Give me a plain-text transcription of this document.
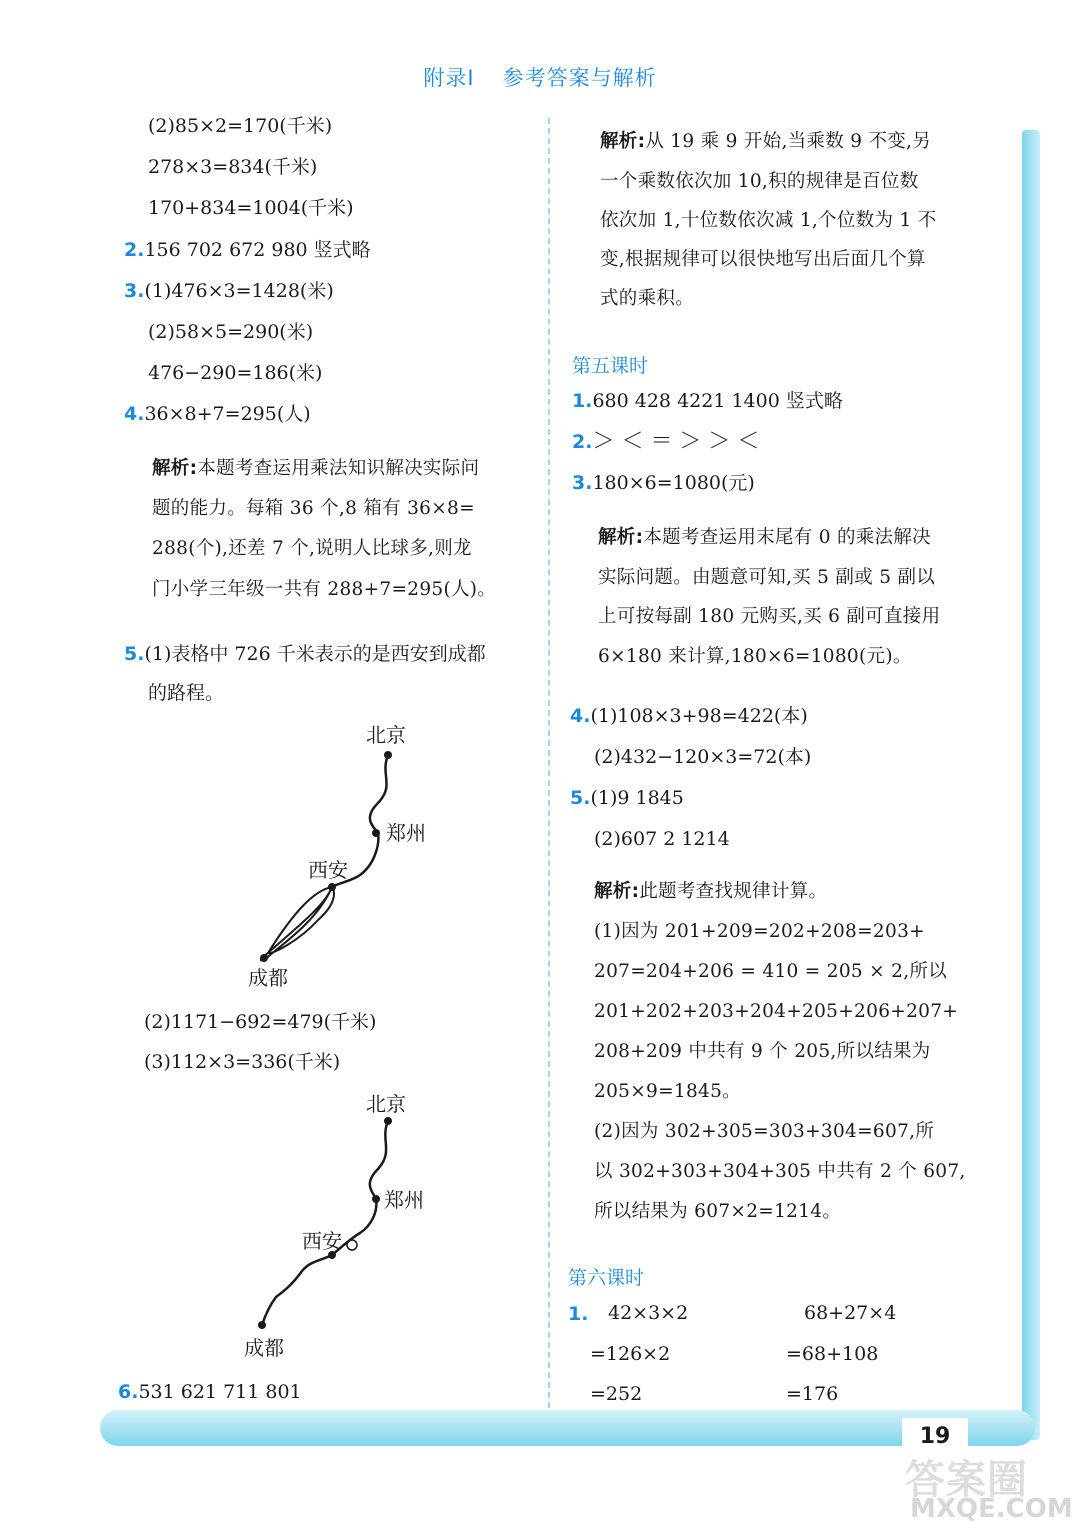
附录Ⅰ 参考答案与解析
(2)85×2=170(千米)
278×3=834(千米)
170+834=1004(千米)
2.156 702 672 980 竖式略
3.(1)476×3=1428(米)
(2)58×5=290(米)
476−290=186(米)
4.36×8+7=295(人)
解析:本题考查运用乘法知识解决实际问
题的能力。每箱 36 个,8 箱有 36×8=
288(个),还差 7 个,说明人比球多,则龙
门小学三年级一共有 288+7=295(人)。
5.(1)表格中 726 千米表示的是西安到成都
的路程。
北京
郑州
西安
成都
(2)1171−692=479(千米)
(3)112×3=336(千米)
北京
郑州
西安
成都
6.531 621 711 801
解析:从 19 乘 9 开始,当乘数 9 不变,另
一个乘数依次加 10,积的规律是百位数
依次加 1,十位数依次减 1,个位数为 1 不
变,根据规律可以很快地写出后面几个算
式的乘积。
第五课时
1.680 428 4221 1400 竖式略
2.＞ ＜ ＝ ＞ ＞ ＜
3.180×6=1080(元)
解析:本题考查运用末尾有 0 的乘法解决
实际问题。由题意可知,买 5 副或 5 副以
上可按每副 180 元购买,买 6 副可直接用
6×180 来计算,180×6=1080(元)。
4.(1)108×3+98=422(本)
(2)432−120×3=72(本)
5.(1)9 1845
(2)607 2 1214
解析:此题考查找规律计算。
(1)因为 201+209=202+208=203+
207=204+206 = 410 = 205 × 2,所以
201+202+203+204+205+206+207+
208+209 中共有 9 个 205,所以结果为
205×9=1845。
(2)因为 302+305=303+304=607,所
以 302+303+304+305 中共有 2 个 607,
所以结果为 607×2=1214。
第六课时
1. 42×3×2
=126×2
=252
68+27×4
=68+108
=176
19
答案圈
MXQE.COM
